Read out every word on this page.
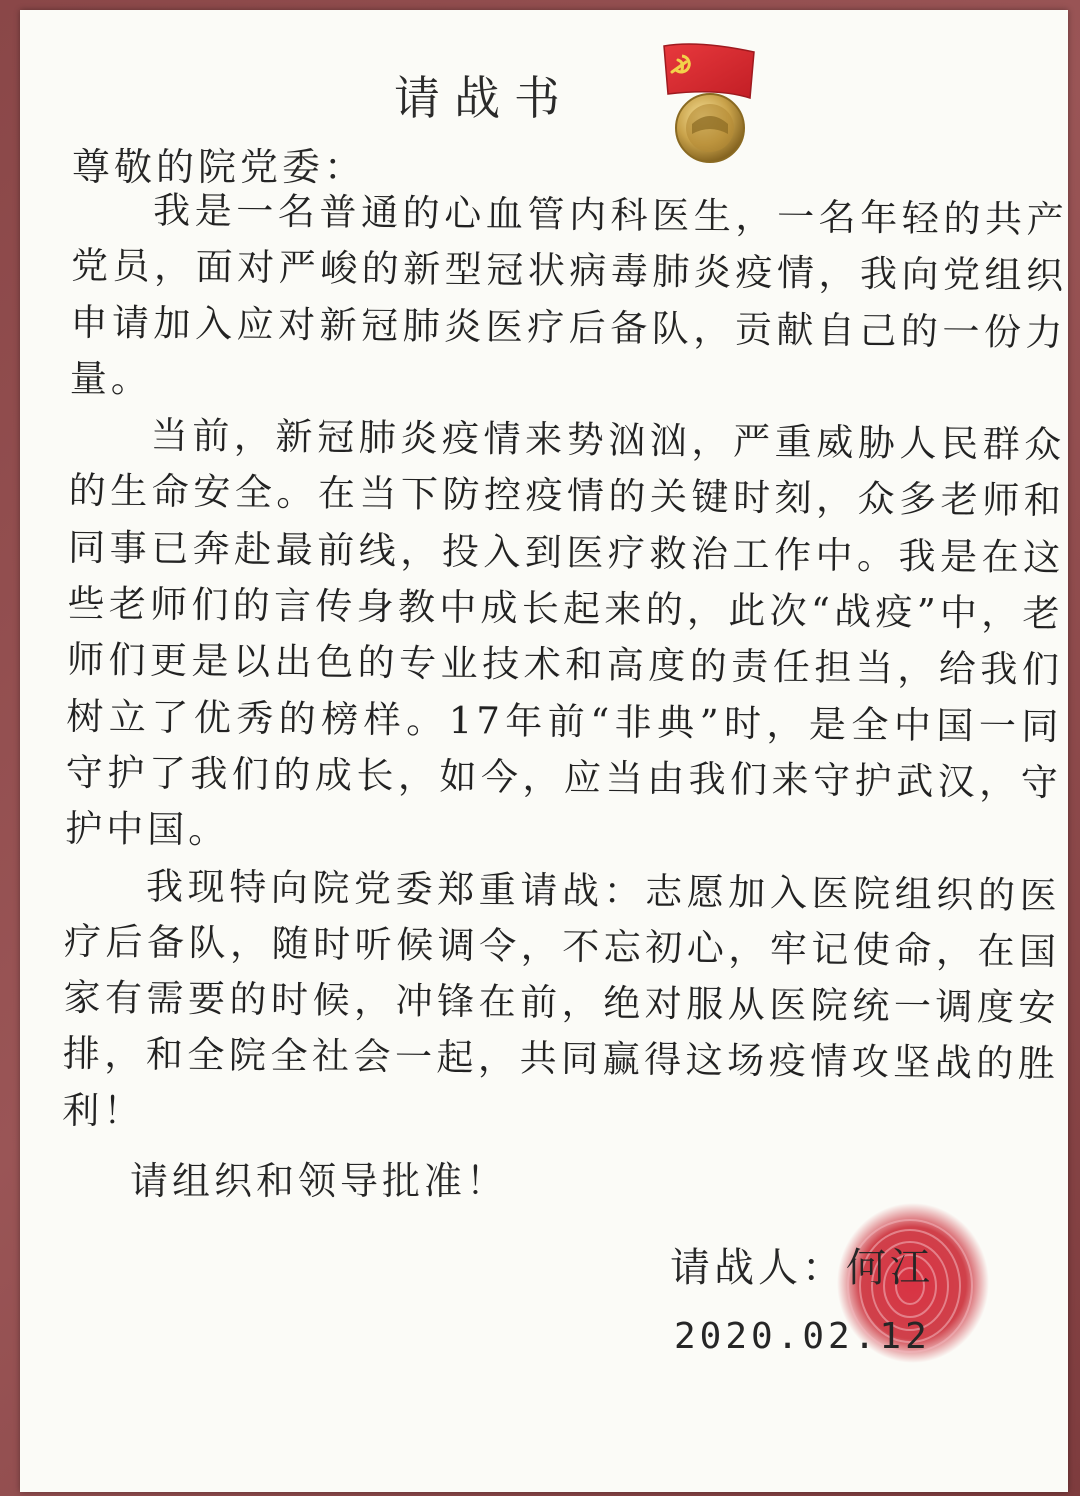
请战书
尊敬的院党委：

我是一名普通的心血管内科医生，一名年轻的共产党员，面对严峻的新型冠状病毒肺炎疫情，我向党组织申请加入应对新冠肺炎医疗后备队，贡献自己的一份力量。

当前，新冠肺炎疫情来势汹汹，严重威胁人民群众的生命安全。在当下防控疫情的关键时刻，众多老师和同事已奔赴最前线，投入到医疗救治工作中。我是在这些老师们的言传身教中成长起来的，此次“战疫”中，老师们更是以出色的专业技术和高度的责任担当，给我们树立了优秀的榜样。17年前“非典”时，是全中国一同守护了我们的成长，如今，应当由我们来守护武汉，守护中国。

我现特向院党委郑重请战：志愿加入医院组织的医疗后备队，随时听候调令，不忘初心，牢记使命，在国家有需要的时候，冲锋在前，绝对服从医院统一调度安排，和全院全社会一起，共同赢得这场疫情攻坚战的胜利！

请组织和领导批准！
请战人：何江
2020.02.12
